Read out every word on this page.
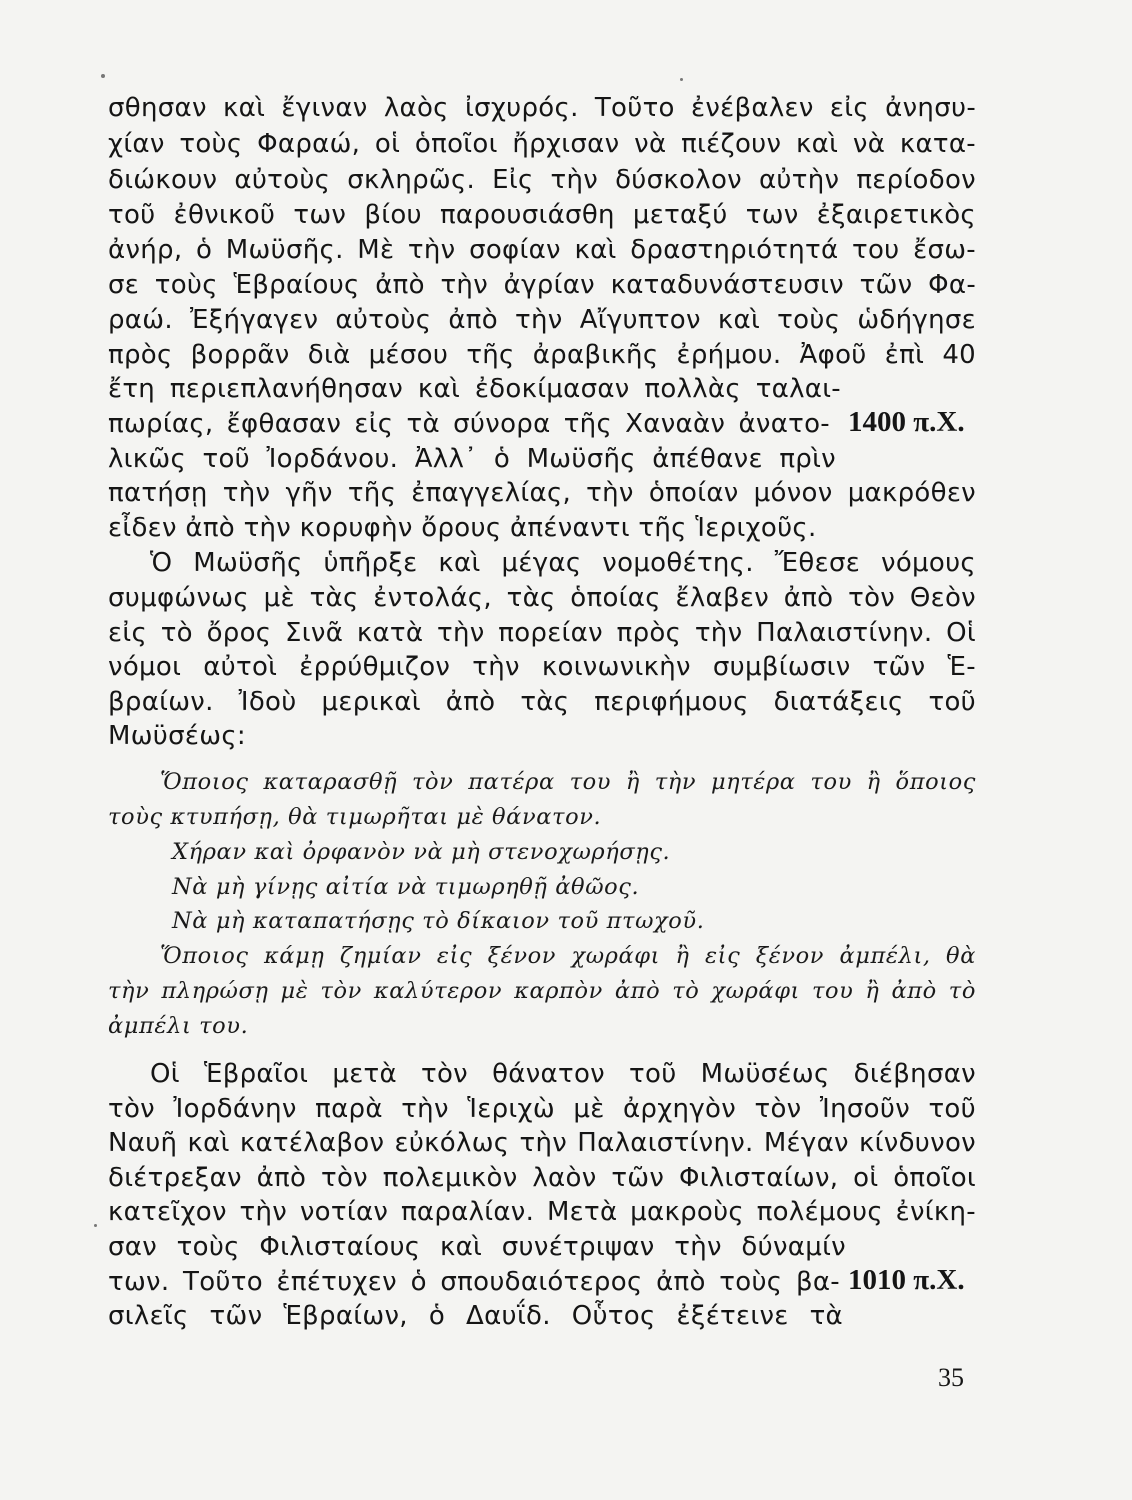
σθησαν καὶ ἔγιναν λαὸς ἰσχυρός. Τοῦτο ἐνέβαλεν εἰς ἀνησυ-
χίαν τοὺς Φαραώ, οἱ ὁποῖοι ἤρχισαν νὰ πιέζουν καὶ νὰ κατα-
διώκουν αὐτοὺς σκληρῶς. Εἰς τὴν δύσκολον αὐτὴν περίοδον
τοῦ ἐθνικοῦ των βίου παρουσιάσθη μεταξύ των ἐξαιρετικὸς
ἀνήρ, ὁ Μωϋσῆς. Μὲ τὴν σοφίαν καὶ δραστηριότητά του ἔσω-
σε τοὺς Ἑβραίους ἀπὸ τὴν ἀγρίαν καταδυνάστευσιν τῶν Φα-
ραώ. Ἐξήγαγεν αὐτοὺς ἀπὸ τὴν Αἴγυπτον καὶ τοὺς ὡδήγησε
πρὸς βορρᾶν διὰ μέσου τῆς ἀραβικῆς ἐρήμου. Ἀφοῦ ἐπὶ 40
ἔτη περιεπλανήθησαν καὶ ἐδοκίμασαν πολλὰς ταλαι-
πωρίας, ἔφθασαν εἰς τὰ σύνορα τῆς Χαναὰν ἀνατο- 1400 π.Χ.
λικῶς τοῦ Ἰορδάνου. Ἀλλ᾽ ὁ Μωϋσῆς ἀπέθανε πρὶν
πατήσῃ τὴν γῆν τῆς ἐπαγγελίας, τὴν ὁποίαν μόνον μακρόθεν
εἶδεν ἀπὸ τὴν κορυφὴν ὄρους ἀπέναντι τῆς Ἱεριχοῦς.
Ὁ Μωϋσῆς ὑπῆρξε καὶ μέγας νομοθέτης. Ἔθεσε νόμους
συμφώνως μὲ τὰς ἐντολάς, τὰς ὁποίας ἔλαβεν ἀπὸ τὸν Θεὸν
εἰς τὸ ὄρος Σινᾶ κατὰ τὴν πορείαν πρὸς τὴν Παλαιστίνην. Οἱ
νόμοι αὐτοὶ ἐρρύθμιζον τὴν κοινωνικὴν συμβίωσιν τῶν Ἑ-
βραίων. Ἰδοὺ μερικαὶ ἀπὸ τὰς περιφήμους διατάξεις τοῦ
Μωϋσέως:
Ὅποιος καταρασθῇ τὸν πατέρα του ἢ τὴν μητέρα του ἢ ὅποιος
τοὺς κτυπήσῃ, θὰ τιμωρῆται μὲ θάνατον.
Χήραν καὶ ὀρφανὸν νὰ μὴ στενοχωρήσῃς.
Νὰ μὴ γίνῃς αἰτία νὰ τιμωρηθῇ ἀθῶος.
Νὰ μὴ καταπατήσῃς τὸ δίκαιον τοῦ πτωχοῦ.
Ὅποιος κάμῃ ζημίαν εἰς ξένον χωράφι ἢ εἰς ξένον ἀμπέλι, θὰ
τὴν πληρώσῃ μὲ τὸν καλύτερον καρπὸν ἀπὸ τὸ χωράφι του ἢ ἀπὸ τὸ
ἀμπέλι του.
Οἱ Ἑβραῖοι μετὰ τὸν θάνατον τοῦ Μωϋσέως διέβησαν
τὸν Ἰορδάνην παρὰ τὴν Ἱεριχὼ μὲ ἀρχηγὸν τὸν Ἰησοῦν τοῦ
Ναυῆ καὶ κατέλαβον εὐκόλως τὴν Παλαιστίνην. Μέγαν κίνδυνον
διέτρεξαν ἀπὸ τὸν πολεμικὸν λαὸν τῶν Φιλισταίων, οἱ ὁποῖοι
κατεῖχον τὴν νοτίαν παραλίαν. Μετὰ μακροὺς πολέμους ἐνίκη-
σαν τοὺς Φιλισταίους καὶ συνέτριψαν τὴν δύναμίν
των. Τοῦτο ἐπέτυχεν ὁ σπουδαιότερος ἀπὸ τοὺς βα- 1010 π.Χ.
σιλεῖς τῶν Ἑβραίων, ὁ Δαυΐδ. Οὗτος ἐξέτεινε τὰ
35
